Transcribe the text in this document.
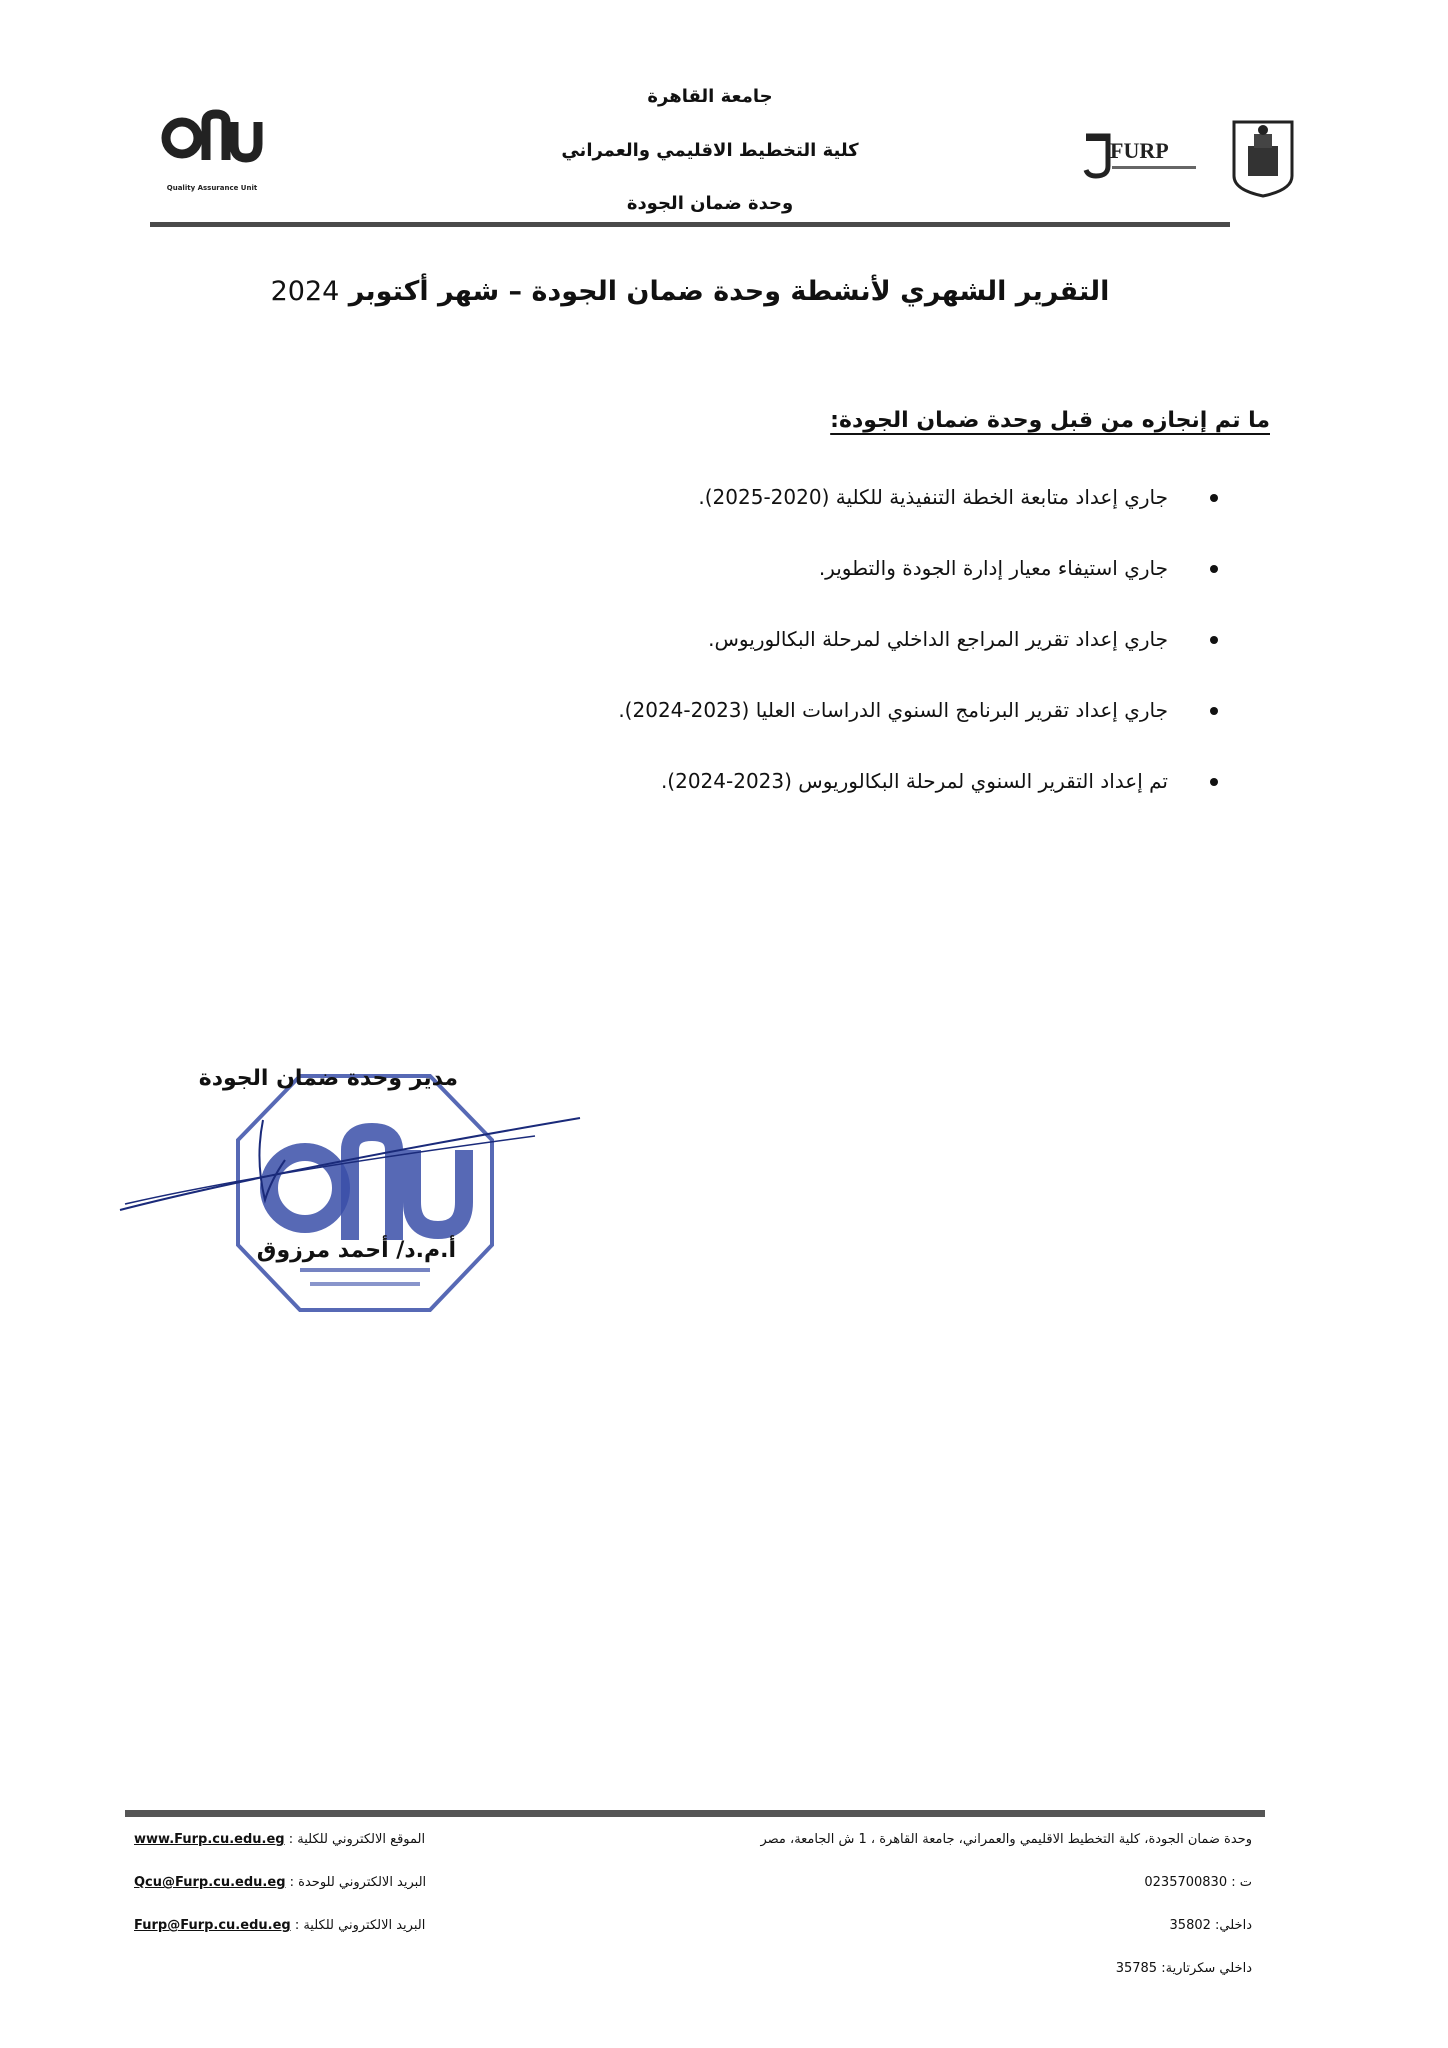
جامعة القاهرة
كلية التخطيط الاقليمي والعمراني
وحدة ضمان الجودة
FURP
Quality Assurance Unit
التقرير الشهري لأنشطة وحدة ضمان الجودة – شهر أكتوبر 2024
ما تم إنجازه من قبل وحدة ضمان الجودة:
جاري إعداد متابعة الخطة التنفيذية للكلية (2020-2025).
جاري استيفاء معيار إدارة الجودة والتطوير.
جاري إعداد تقرير المراجع الداخلي لمرحلة البكالوريوس.
جاري إعداد تقرير البرنامج السنوي الدراسات العليا (2023-2024).
تم إعداد التقرير السنوي لمرحلة البكالوريوس (2023-2024).
مدير وحدة ضمان الجودة
أ.م.د/ أحمد مرزوق
وحدة ضمان الجودة، كلية التخطيط الاقليمي والعمراني، جامعة القاهرة ، 1 ش الجامعة، مصر
ت : 0235700830
داخلي: 35802
داخلي سكرتارية: 35785
www.Furp.cu.edu.eg الموقع الالكتروني للكلية :
Qcu@Furp.cu.edu.eg البريد الالكتروني للوحدة :
Furp@Furp.cu.edu.eg البريد الالكتروني للكلية :
